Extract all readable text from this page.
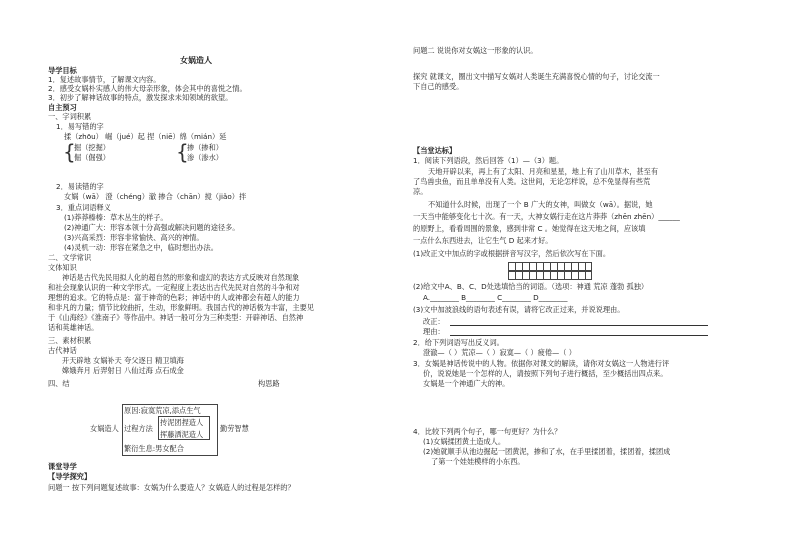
女娲造人
导学目标
1．复述故事情节，了解课文内容。
2．感受女娲朴实感人的伟大母亲形象，体会其中的喜悦之情。
3．初步了解神话故事的特点，激发探求未知领域的欲望。
自主预习
一、字词积累
1．易写错的字
揉（zhōu） 崛（jué）起 捏（niē）绵（mián）延
{
掘（挖掘）
倔（倔强）	{
掺（掺和）
渗（渗水）
2．易读错的字
女娲（wā） 澄（chéng）澈 掺合（chān）搅（jiǎo）拌
3．重点词语释义
(1)莽莽榛榛：草木丛生的样子。
(2)神通广大：形容本领十分高强或解决问题的途径多。
(3)兴高采烈：形容非常愉快、高兴的神情。
(4)灵机一动：形容在紧急之中，临时想出办法。
二、文学常识
文体知识
神话是古代先民用拟人化的超自然的形象和虚幻的表达方式反映对自然现象
和社会现象认识的一种文学形式。一定程度上表达出古代先民对自然的斗争和对
理想的追求。它的特点是：富于神奇的色彩；神话中的人或神都会有超人的能力
和非凡的力量；情节比较曲折，生动，形象鲜明。我国古代的神话极为丰富，主要见
于《山海经》《淮南子》等作品中。神话一般可分为三种类型：开辟神话、自然神
话和英雄神话。
三、素材积累
古代神话
开天辟地 女娲补天 夸父逐日 精卫填海
嫦娥奔月 后羿射日 八仙过海 点石成金
四、结	构思路
女娲造人
原因:寂寞荒凉,添点生气
过程方法
抟泥团捏造人
挥藤洒泥造人
繁衍生息:男女配合
勤劳智慧
课堂导学
【导学探究】
问题一 按下列问题复述故事：女娲为什么要造人？女娲造人的过程是怎样的？
问题二 说说你对女娲这一形象的认识。
探究 就课文，圈出文中描写女娲对人类诞生充满喜悦心情的句子，讨论交流一
下自己的感受。
【当堂达标】
1．阅读下列语段，然后回答（1）—（3）题。
天地开辟以来，再上有了太阳、月亮和星星，地上有了山川草木，甚至有
了鸟兽虫鱼，而且单单没有人类。这世间，无论怎样说，总不免显得有些荒
凉。
不知道什么时候，出现了一个 B 广大的女神，叫做女（wā）。据说，她
一天当中能够变化七十次。有一天，大神女娲行走在这片莽莽（zhēn zhēn）______
的原野上，看看周围的景象，感到非常 C 。她觉得在这天地之间，应该填
一点什么东西进去，让它生气 D 起来才好。
(1)改正文中加点的字或根据拼音写汉字，然后依次写在下面。
(2)给文中A、B、C、D处选填恰当的词语。（选项：神通 荒凉 蓬勃 孤独）
A.________ B________ C________ D________
(3)文中加波浪线的语句表述有误，请将它改正过来，并说说理由。
改正：
理由：
2．给下列词语写出反义词。
澄澈—（ ）荒凉—（ ）寂寞—（ ）疲倦—（ ）
3．女娲是神话传说中的人物。依据你对课文的解读，请你对女娲这一人物进行评
价，说说她是一个怎样的人，请按照下列句子进行概括，至少概括出四点来。
女娲是一个神通广大的神。
4．比较下列两个句子，哪一句更好？为什么？
(1)女娲揉团黄土造成人。
(2)她就顺手从池边掘起一团黄泥，掺和了水，在手里揉团着，揉团着，揉团成
了第一个娃娃模样的小东西。
